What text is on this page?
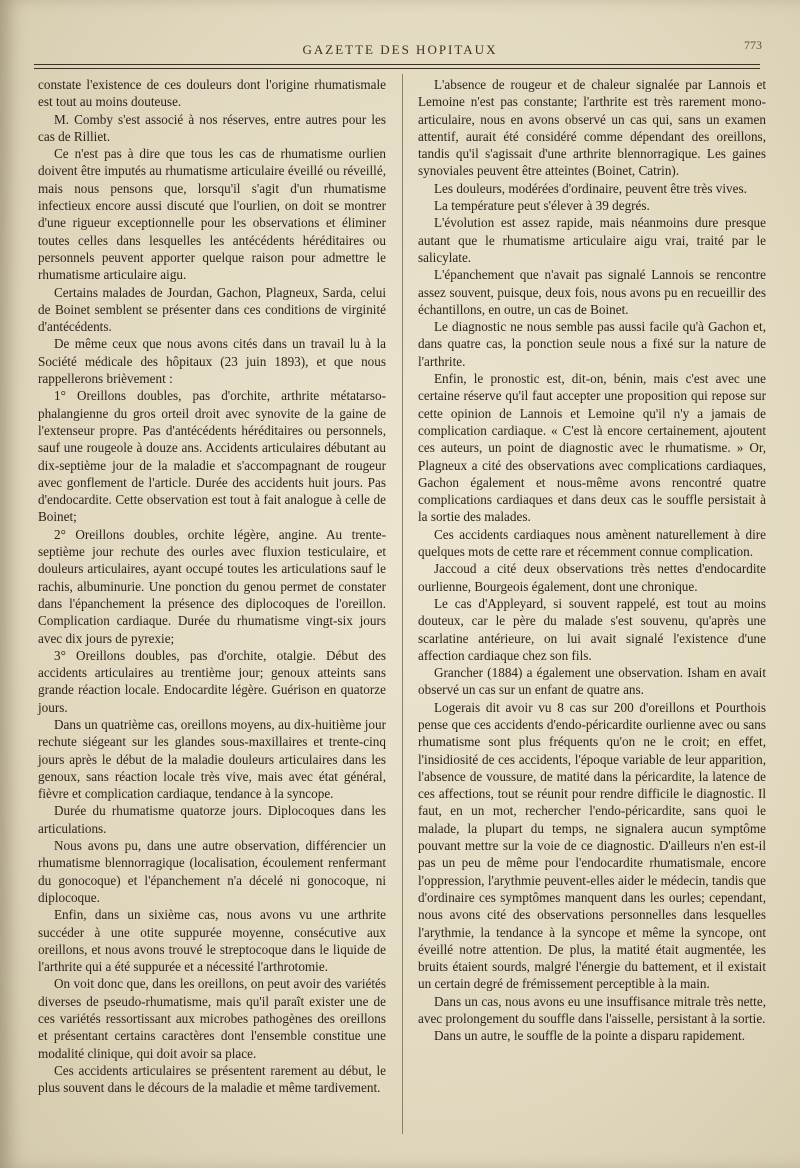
GAZETTE DES HOPITAUX	773

constate l'existence de ces douleurs dont l'origine rhumatismale est tout au moins douteuse.

M. Comby s'est associé à nos réserves, entre autres pour les cas de Rilliet.

Ce n'est pas à dire que tous les cas de rhumatisme ourlien doivent être imputés au rhumatisme articulaire éveillé ou réveillé, mais nous pensons que, lorsqu'il s'agit d'un rhumatisme infectieux encore aussi discuté que l'ourlien, on doit se montrer d'une rigueur exceptionnelle pour les observations et éliminer toutes celles dans lesquelles les antécédents héréditaires ou personnels peuvent apporter quelque raison pour admettre le rhumatisme articulaire aigu.

Certains malades de Jourdan, Gachon, Plagneux, Sarda, celui de Boinet semblent se présenter dans ces conditions de virginité d'antécédents.

De même ceux que nous avons cités dans un travail lu à la Société médicale des hôpitaux (23 juin 1893), et que nous rappellerons brièvement :

1° Oreillons doubles, pas d'orchite, arthrite métatarso-phalangienne du gros orteil droit avec synovite de la gaine de l'extenseur propre. Pas d'antécédents héréditaires ou personnels, sauf une rougeole à douze ans. Accidents articulaires débutant au dix-septième jour de la maladie et s'accompagnant de rougeur avec gonflement de l'article. Durée des accidents huit jours. Pas d'endocardite. Cette observation est tout à fait analogue à celle de Boinet;

2° Oreillons doubles, orchite légère, angine. Au trente-septième jour rechute des ourles avec fluxion testiculaire, et douleurs articulaires, ayant occupé toutes les articulations sauf le rachis, albuminurie. Une ponction du genou permet de constater dans l'épanchement la présence des diplocoques de l'oreillon. Complication cardiaque. Durée du rhumatisme vingt-six jours avec dix jours de pyrexie;

3° Oreillons doubles, pas d'orchite, otalgie. Début des accidents articulaires au trentième jour; genoux atteints sans grande réaction locale. Endocardite légère. Guérison en quatorze jours.

Dans un quatrième cas, oreillons moyens, au dix-huitième jour rechute siégeant sur les glandes sous-maxillaires et trente-cinq jours après le début de la maladie douleurs articulaires dans les genoux, sans réaction locale très vive, mais avec état général, fièvre et complication cardiaque, tendance à la syncope.

Durée du rhumatisme quatorze jours. Diplocoques dans les articulations.

Nous avons pu, dans une autre observation, différencier un rhumatisme blennorragique (localisation, écoulement renfermant du gonocoque) et l'épanchement n'a décelé ni gonocoque, ni diplocoque.

Enfin, dans un sixième cas, nous avons vu une arthrite succéder à une otite suppurée moyenne, consécutive aux oreillons, et nous avons trouvé le streptocoque dans le liquide de l'arthrite qui a été suppurée et a nécessité l'arthrotomie.

On voit donc que, dans les oreillons, on peut avoir des variétés diverses de pseudo-rhumatisme, mais qu'il paraît exister une de ces variétés ressortissant aux microbes pathogènes des oreillons et présentant certains caractères dont l'ensemble constitue une modalité clinique, qui doit avoir sa place.

Ces accidents articulaires se présentent rarement au début, le plus souvent dans le décours de la maladie et même tardivement.

L'absence de rougeur et de chaleur signalée par Lannois et Lemoine n'est pas constante; l'arthrite est très rarement mono-articulaire, nous en avons observé un cas qui, sans un examen attentif, aurait été considéré comme dépendant des oreillons, tandis qu'il s'agissait d'une arthrite blennorragique. Les gaines synoviales peuvent être atteintes (Boinet, Catrin).

Les douleurs, modérées d'ordinaire, peuvent être très vives.

La température peut s'élever à 39 degrés.

L'évolution est assez rapide, mais néanmoins dure presque autant que le rhumatisme articulaire aigu vrai, traité par le salicylate.

L'épanchement que n'avait pas signalé Lannois se rencontre assez souvent, puisque, deux fois, nous avons pu en recueillir des échantillons, en outre, un cas de Boinet.

Le diagnostic ne nous semble pas aussi facile qu'à Gachon et, dans quatre cas, la ponction seule nous a fixé sur la nature de l'arthrite.

Enfin, le pronostic est, dit-on, bénin, mais c'est avec une certaine réserve qu'il faut accepter une proposition qui repose sur cette opinion de Lannois et Lemoine qu'il n'y a jamais de complication cardiaque. « C'est là encore certainement, ajoutent ces auteurs, un point de diagnostic avec le rhumatisme. » Or, Plagneux a cité des observations avec complications cardiaques, Gachon également et nous-même avons rencontré quatre complications cardiaques et dans deux cas le souffle persistait à la sortie des malades.

Ces accidents cardiaques nous amènent naturellement à dire quelques mots de cette rare et récemment connue complication.

Jaccoud a cité deux observations très nettes d'endocardite ourlienne, Bourgeois également, dont une chronique.

Le cas d'Appleyard, si souvent rappelé, est tout au moins douteux, car le père du malade s'est souvenu, qu'après une scarlatine antérieure, on lui avait signalé l'existence d'une affection cardiaque chez son fils.

Grancher (1884) a également une observation. Isham en avait observé un cas sur un enfant de quatre ans.

Logerais dit avoir vu 8 cas sur 200 d'oreillons et Pourthois pense que ces accidents d'endo-péricardite ourlienne avec ou sans rhumatisme sont plus fréquents qu'on ne le croit; en effet, l'insidiosité de ces accidents, l'époque variable de leur apparition, l'absence de voussure, de matité dans la péricardite, la latence de ces affections, tout se réunit pour rendre difficile le diagnostic. Il faut, en un mot, rechercher l'endo-péricardite, sans quoi le malade, la plupart du temps, ne signalera aucun symptôme pouvant mettre sur la voie de ce diagnostic. D'ailleurs n'en est-il pas un peu de même pour l'endocardite rhumatismale, encore l'oppression, l'arythmie peuvent-elles aider le médecin, tandis que d'ordinaire ces symptômes manquent dans les ourles; cependant, nous avons cité des observations personnelles dans lesquelles l'arythmie, la tendance à la syncope et même la syncope, ont éveillé notre attention. De plus, la matité était augmentée, les bruits étaient sourds, malgré l'énergie du battement, et il existait un certain degré de frémissement perceptible à la main.

Dans un cas, nous avons eu une insuffisance mitrale très nette, avec prolongement du souffle dans l'aisselle, persistant à la sortie.

Dans un autre, le souffle de la pointe a disparu rapidement.
